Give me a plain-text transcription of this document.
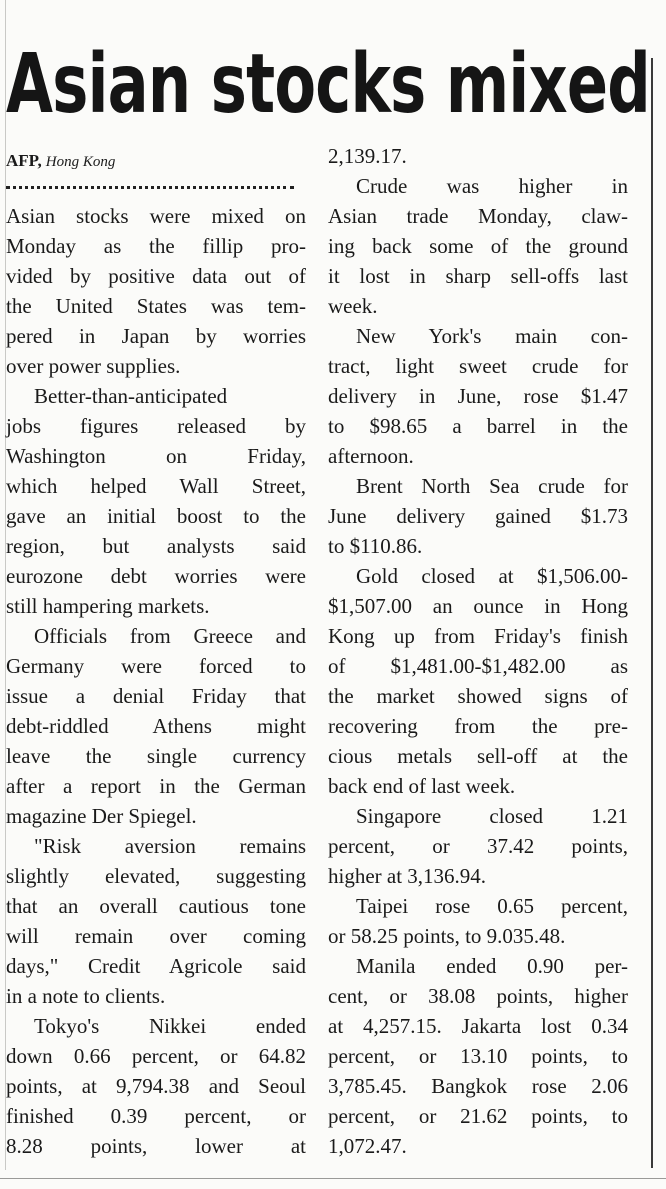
Asian stocks mixed
AFP, Hong Kong
Asian stocks were mixed on
Monday as the fillip pro-
vided by positive data out of
the United States was tem-
pered in Japan by worries
over power supplies.
Better-than-anticipated
jobs figures released by
Washington on Friday,
which helped Wall Street,
gave an initial boost to the
region, but analysts said
eurozone debt worries were
still hampering markets.
Officials from Greece and
Germany were forced to
issue a denial Friday that
debt-riddled Athens might
leave the single currency
after a report in the German
magazine Der Spiegel.
"Risk aversion remains
slightly elevated, suggesting
that an overall cautious tone
will remain over coming
days," Credit Agricole said
in a note to clients.
Tokyo's Nikkei ended
down 0.66 percent, or 64.82
points, at 9,794.38 and Seoul
finished 0.39 percent, or
8.28 points, lower at
2,139.17.
Crude was higher in
Asian trade Monday, claw-
ing back some of the ground
it lost in sharp sell-offs last
week.
New York's main con-
tract, light sweet crude for
delivery in June, rose $1.47
to $98.65 a barrel in the
afternoon.
Brent North Sea crude for
June delivery gained $1.73
to $110.86.
Gold closed at $1,506.00-
$1,507.00 an ounce in Hong
Kong up from Friday's finish
of $1,481.00-$1,482.00 as
the market showed signs of
recovering from the pre-
cious metals sell-off at the
back end of last week.
Singapore closed 1.21
percent, or 37.42 points,
higher at 3,136.94.
Taipei rose 0.65 percent,
or 58.25 points, to 9.035.48.
Manila ended 0.90 per-
cent, or 38.08 points, higher
at 4,257.15. Jakarta lost 0.34
percent, or 13.10 points, to
3,785.45. Bangkok rose 2.06
percent, or 21.62 points, to
1,072.47.
